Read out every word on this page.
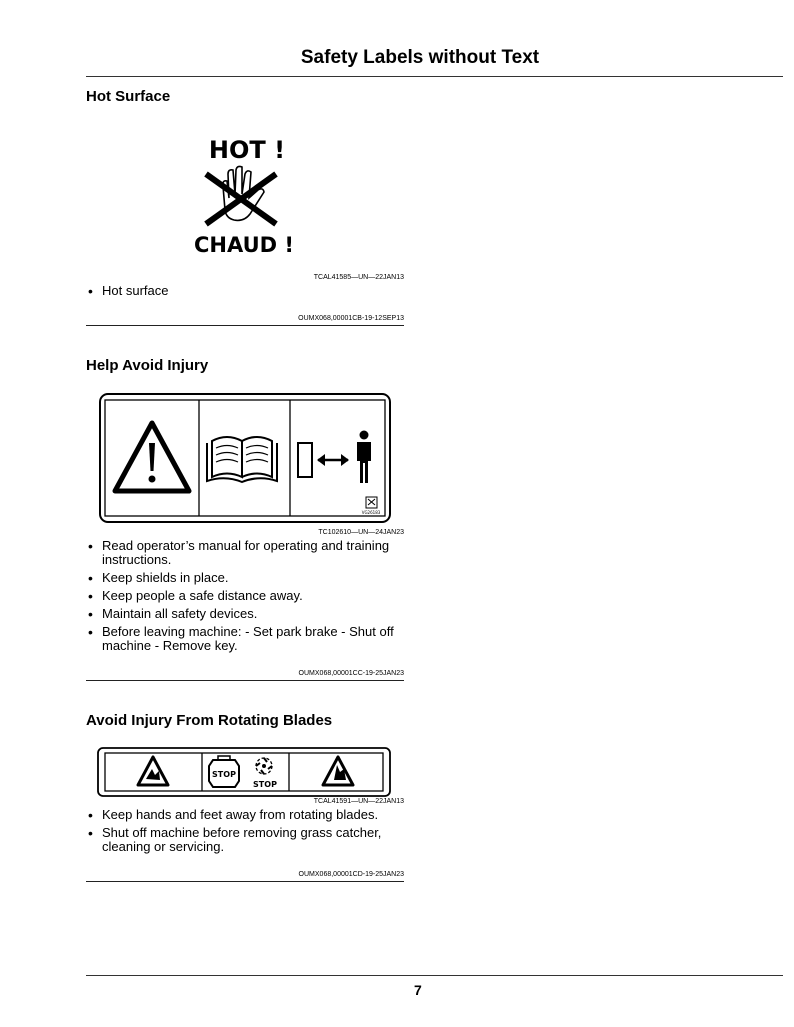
Safety Labels without Text
Hot Surface
HOT !
CHAUD !
TCAL41585—UN—22JAN13
• Hot surface
OUMX068,00001CB-19-12SEP13
Help Avoid Injury
VG26183
TC102610—UN—24JAN23
• Read operator’s manual for operating and training instructions.
• Keep shields in place.
• Keep people a safe distance away.
• Maintain all safety devices.
• Before leaving machine: - Set park brake - Shut off machine - Remove key.
OUMX068,00001CC-19-25JAN23
Avoid Injury From Rotating Blades
STOP
STOP
TCAL41591—UN—22JAN13
• Keep hands and feet away from rotating blades.
• Shut off machine before removing grass catcher, cleaning or servicing.
OUMX068,00001CD-19-25JAN23
7
